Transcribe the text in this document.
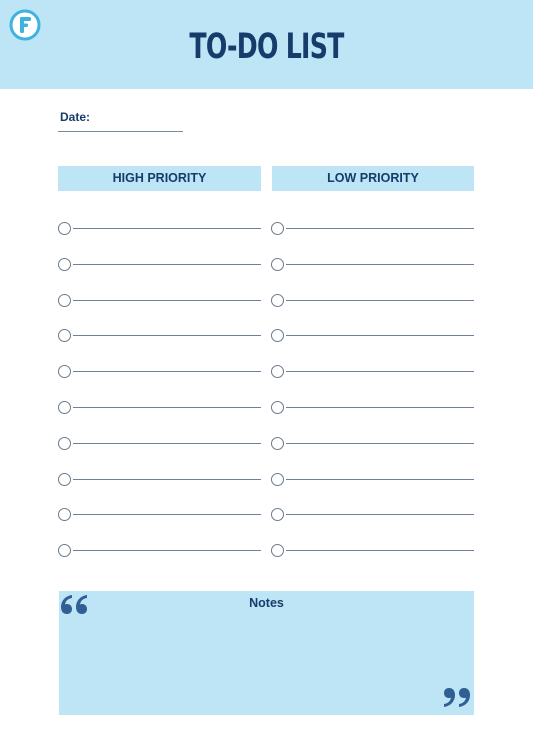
TO-DO LIST
Date:
HIGH PRIORITY	LOW PRIORITY
Notes
